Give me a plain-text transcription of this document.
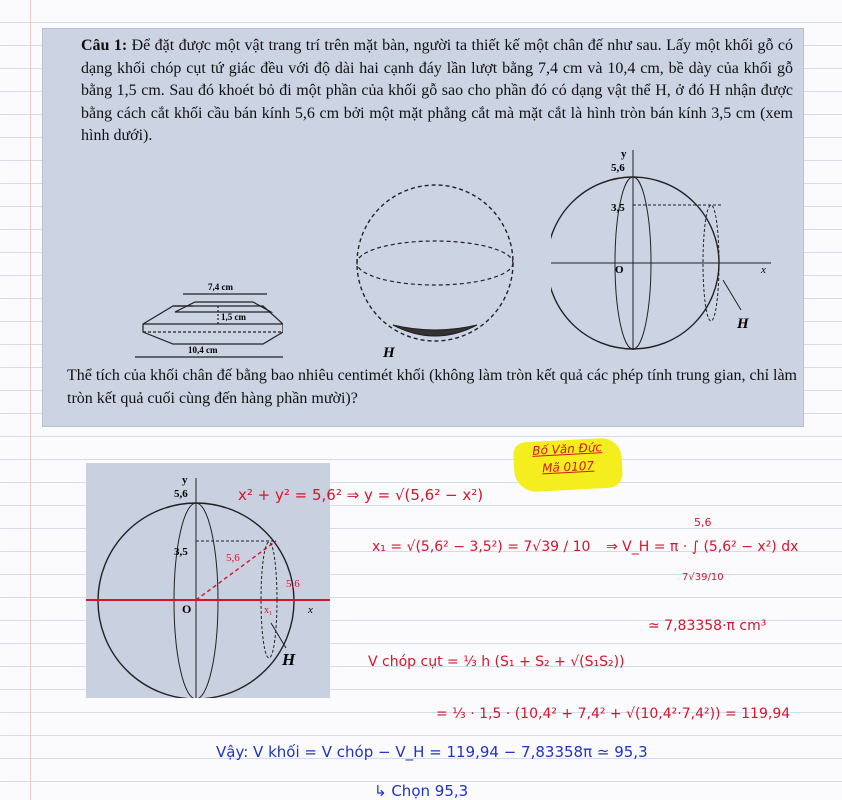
Câu 1: Để đặt được một vật trang trí trên mặt bàn, người ta thiết kế một chân đế như sau. Lấy một khối gỗ có dạng khối chóp cụt tứ giác đều với độ dài hai cạnh đáy lần lượt bằng 7,4 cm và 10,4 cm, bề dày của khối gỗ bằng 1,5 cm. Sau đó khoét bỏ đi một phần của khối gỗ sao cho phần đó có dạng vật thể H, ở đó H nhận được bằng cách cắt khối cầu bán kính 5,6 cm bởi một mặt phẳng cắt mà mặt cắt là hình tròn bán kính 3,5 cm (xem hình dưới).
7,4 cm
1,5 cm
10,4 cm	H
y
5,6
3,5
O	x
H
Thể tích của khối chân đế bằng bao nhiêu centimét khối (không làm tròn kết quả các phép tính trung gian, chỉ làm tròn kết quả cuối cùng đến hàng phần mười)?
Bố Văn Đức
Mã 0107
y
5,6
3,5
O	x
H
5,6
5,6
x₁
x² + y² = 5,6² ⇒ y = √(5,6² − x²)
x₁ = √(5,6² − 3,5²) = 7√39 / 10 ⇒ V_H = π · ∫ (5,6² − x²) dx
5,6
7√39/10
≃ 7,83358·π cm³
V chóp cụt = ⅓ h (S₁ + S₂ + √(S₁S₂))
= ⅓ · 1,5 · (10,4² + 7,4² + √(10,4²·7,4²)) = 119,94
Vậy: V khối = V chóp − V_H = 119,94 − 7,83358π ≃ 95,3
↳ Chọn 95,3
